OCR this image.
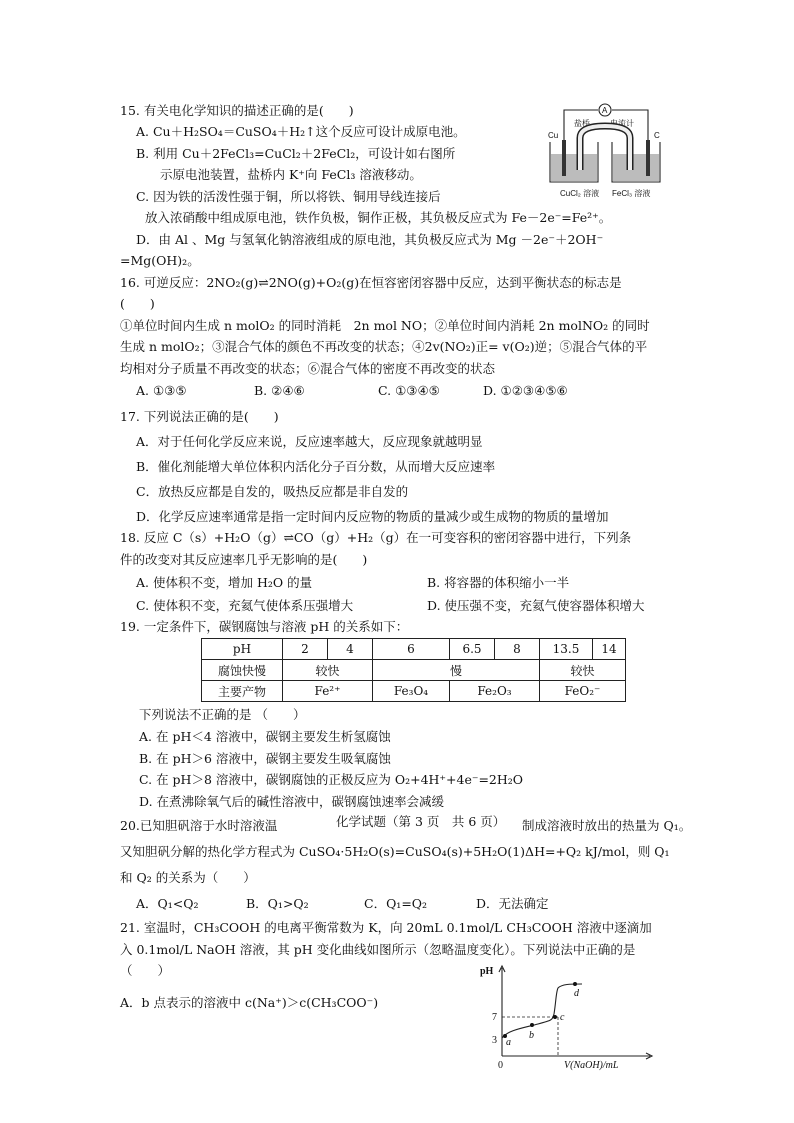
15. 有关电化学知识的描述正确的是(　　)
A. Cu＋H₂SO₄＝CuSO₄＋H₂↑这个反应可设计成原电池。
B. 利用 Cu＋2FeCl₃=CuCl₂＋2FeCl₂，可设计如右图所
示原电池装置，盐桥内 K⁺向 FeCl₃ 溶液移动。
C. 因为铁的活泼性强于铜，所以将铁、铜用导线连接后
放入浓硝酸中组成原电池，铁作负极，铜作正极，其负极反应式为 Fe－2e⁻=Fe²⁺。
D．由 Al 、Mg 与氢氧化钠溶液组成的原电池，其负极反应式为 Mg －2e⁻＋2OH⁻
=Mg(OH)₂。
A
盐桥	电流计
Cu	C
CuCl₂ 溶液 FeCl₃ 溶液
16. 可逆反应：2NO₂(g)⇌2NO(g)+O₂(g)在恒容密闭容器中反应，达到平衡状态的标志是
(　　)
①单位时间内生成 n molO₂ 的同时消耗　2n mol NO；②单位时间内消耗 2n molNO₂ 的同时
生成 n molO₂；③混合气体的颜色不再改变的状态；④2v(NO₂)正= v(O₂)逆；⑤混合气体的平
均相对分子质量不再改变的状态；⑥混合气体的密度不再改变的状态
A. ①③⑤	B. ②④⑥	C. ①③④⑤	D. ①②③④⑤⑥
17. 下列说法正确的是(　　)
A．对于任何化学反应来说，反应速率越大，反应现象就越明显
B．催化剂能增大单位体积内活化分子百分数，从而增大反应速率
C．放热反应都是自发的，吸热反应都是非自发的
D．化学反应速率通常是指一定时间内反应物的物质的量减少或生成物的物质的量增加
18. 反应 C（s）+H₂O（g）⇌CO（g）+H₂（g）在一可变容积的密闭容器中进行，下列条
件的改变对其反应速率几乎无影响的是(　　)
A. 使体积不变，增加 H₂O 的量	B. 将容器的体积缩小一半
C. 使体积不变，充氦气使体系压强增大	D. 使压强不变，充氦气使容器体积增大
19. 一定条件下，碳钢腐蚀与溶液 pH 的关系如下：
pH	2	4	6	6.5	8	13.5	14
腐蚀快慢	较快		慢			较快	
主要产物	Fe²⁺		Fe₃O₄	Fe₂O₃		FeO₂⁻	
下列说法不正确的是 （　　）
A. 在 pH＜4 溶液中，碳钢主要发生析氢腐蚀
B. 在 pH＞6 溶液中，碳钢主要发生吸氧腐蚀
C. 在 pH＞8 溶液中，碳钢腐蚀的正极反应为 O₂+4H⁺+4e⁻=2H₂O
D. 在煮沸除氧气后的碱性溶液中，碳钢腐蚀速率会减缓
化学试题（第 3 页　共 6 页）
20.已知胆矾溶于水时溶液温	制成溶液时放出的热量为 Q₁。
又知胆矾分解的热化学方程式为 CuSO₄·5H₂O(s)=CuSO₄(s)+5H₂O(1)ΔH=+Q₂ kJ/mol，则 Q₁
和 Q₂ 的关系为（　　）
A．Q₁<Q₂	B．Q₁>Q₂	C．Q₁=Q₂	D．无法确定
21. 室温时，CH₃COOH 的电离平衡常数为 K，向 20mL 0.1mol/L CH₃COOH 溶液中逐滴加
入 0.1mol/L NaOH 溶液，其 pH 变化曲线如图所示（忽略温度变化）。下列说法中正确的是
（　　）
A．b 点表示的溶液中 c(Na⁺)＞c(CH₃COO⁻)
pH
V(NaOH)/mL
0
7
3 a
b
c
d
